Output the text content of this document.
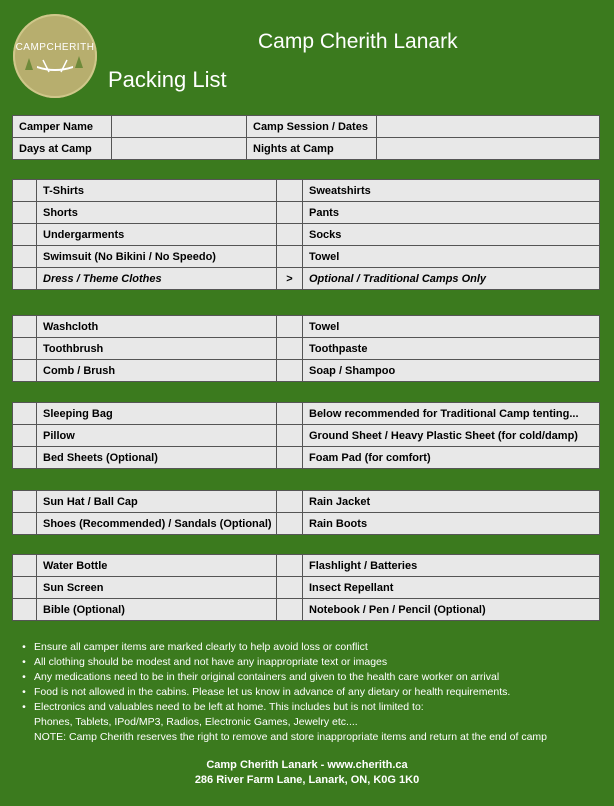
CAMPCHERITH	Camp Cherith Lanark
Packing List
Camper Name		Camp Session / Dates	
Days at Camp		Nights at Camp	
	T-Shirts		Sweatshirts
	Shorts		Pants
	Undergarments		Socks
	Swimsuit (No Bikini / No Speedo)		Towel
	Dress / Theme Clothes	>	Optional / Traditional Camps Only
	Washcloth		Towel
	Toothbrush		Toothpaste
	Comb / Brush		Soap / Shampoo
	Sleeping Bag		Below recommended for Traditional Camp tenting...
	Pillow		Ground Sheet / Heavy Plastic Sheet (for cold/damp)
	Bed Sheets (Optional)		Foam Pad (for comfort)
	Sun Hat / Ball Cap		Rain Jacket
	Shoes (Recommended) / Sandals (Optional)		Rain Boots
	Water Bottle		Flashlight / Batteries
	Sun Screen		Insect Repellant
	Bible (Optional)		Notebook / Pen / Pencil (Optional)
• Ensure all camper items are marked clearly to help avoid loss or conflict
• All clothing should be modest and not have any inappropriate text or images
• Any medications need to be in their original containers and given to the health care worker on arrival
• Food is not allowed in the cabins. Please let us know in advance of any dietary or health requirements.
• Electronics and valuables need to be left at home. This includes but is not limited to:
Phones, Tablets, IPod/MP3, Radios, Electronic Games, Jewelry etc....
NOTE: Camp Cherith reserves the right to remove and store inappropriate items and return at the end of camp
Camp Cherith Lanark - www.cherith.ca
286 River Farm Lane, Lanark, ON, K0G 1K0
